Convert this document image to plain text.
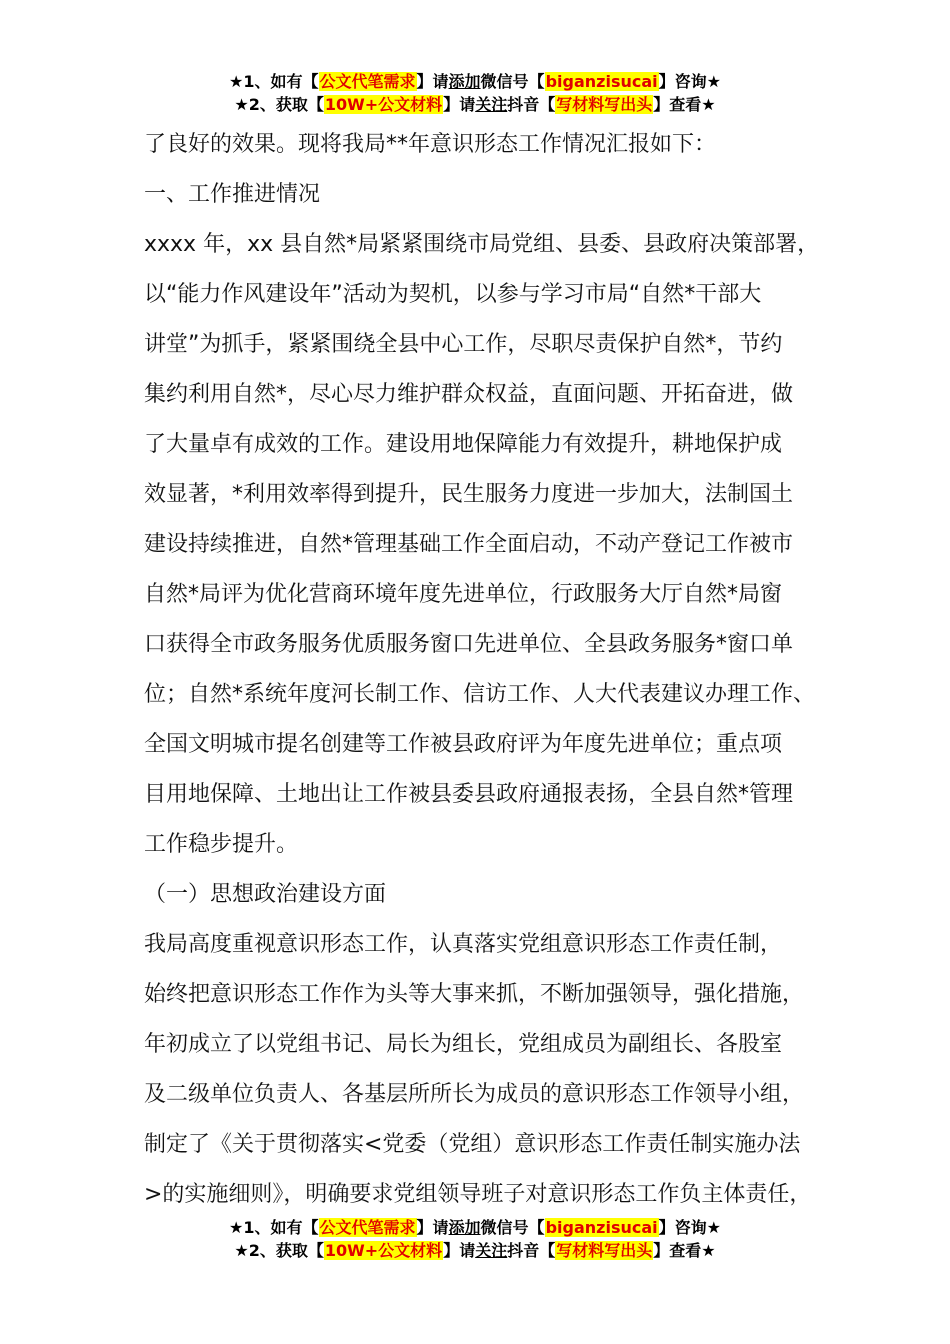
★1、如有【公文代笔需求】请添加微信号【biganzisucai】咨询★
★2、获取【10W+公文材料】请关注抖音【写材料写出头】查看★
了良好的效果。现将我局**年意识形态工作情况汇报如下：
一、工作推进情况
xxxx 年，xx 县自然*局紧紧围绕市局党组、县委、县政府决策部署，
以“能力作风建设年”活动为契机，以参与学习市局“自然*干部大
讲堂”为抓手，紧紧围绕全县中心工作，尽职尽责保护自然*，节约
集约利用自然*，尽心尽力维护群众权益，直面问题、开拓奋进，做
了大量卓有成效的工作。建设用地保障能力有效提升，耕地保护成
效显著，*利用效率得到提升，民生服务力度进一步加大，法制国土
建设持续推进，自然*管理基础工作全面启动，不动产登记工作被市
自然*局评为优化营商环境年度先进单位，行政服务大厅自然*局窗
口获得全市政务服务优质服务窗口先进单位、全县政务服务*窗口单
位；自然*系统年度河长制工作、信访工作、人大代表建议办理工作、
全国文明城市提名创建等工作被县政府评为年度先进单位；重点项
目用地保障、土地出让工作被县委县政府通报表扬，全县自然*管理
工作稳步提升。
（一）思想政治建设方面
我局高度重视意识形态工作，认真落实党组意识形态工作责任制，
始终把意识形态工作作为头等大事来抓，不断加强领导，强化措施，
年初成立了以党组书记、局长为组长，党组成员为副组长、各股室
及二级单位负责人、各基层所所长为成员的意识形态工作领导小组，
制定了《关于贯彻落实<党委（党组）意识形态工作责任制实施办法
>的实施细则》，明确要求党组领导班子对意识形态工作负主体责任，
★1、如有【公文代笔需求】请添加微信号【biganzisucai】咨询★
★2、获取【10W+公文材料】请关注抖音【写材料写出头】查看★
